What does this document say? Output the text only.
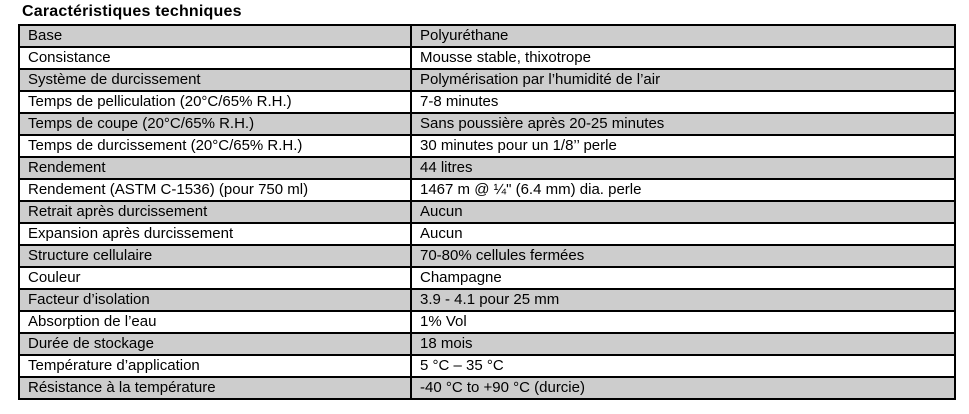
Caractéristiques techniques
Base	Polyuréthane
Consistance	Mousse stable, thixotrope
Système de durcissement	Polymérisation par l’humidité de l’air
Temps de pelliculation (20°C/65% R.H.)	7-8 minutes
Temps de coupe (20°C/65% R.H.)	Sans poussière après 20-25 minutes
Temps de durcissement (20°C/65% R.H.)	30 minutes pour un 1/8’’ perle
Rendement	44 litres
Rendement (ASTM C-1536) (pour 750 ml)	1467 m @ ¼" (6.4 mm) dia. perle
Retrait après durcissement	Aucun
Expansion après durcissement	Aucun
Structure cellulaire	70-80% cellules fermées
Couleur	Champagne
Facteur d’isolation	3.9 - 4.1 pour 25 mm
Absorption de l’eau	1% Vol
Durée de stockage	18 mois
Température d’application	5 °C – 35 °C
Résistance à la température	-40 °C to +90 °C (durcie)
